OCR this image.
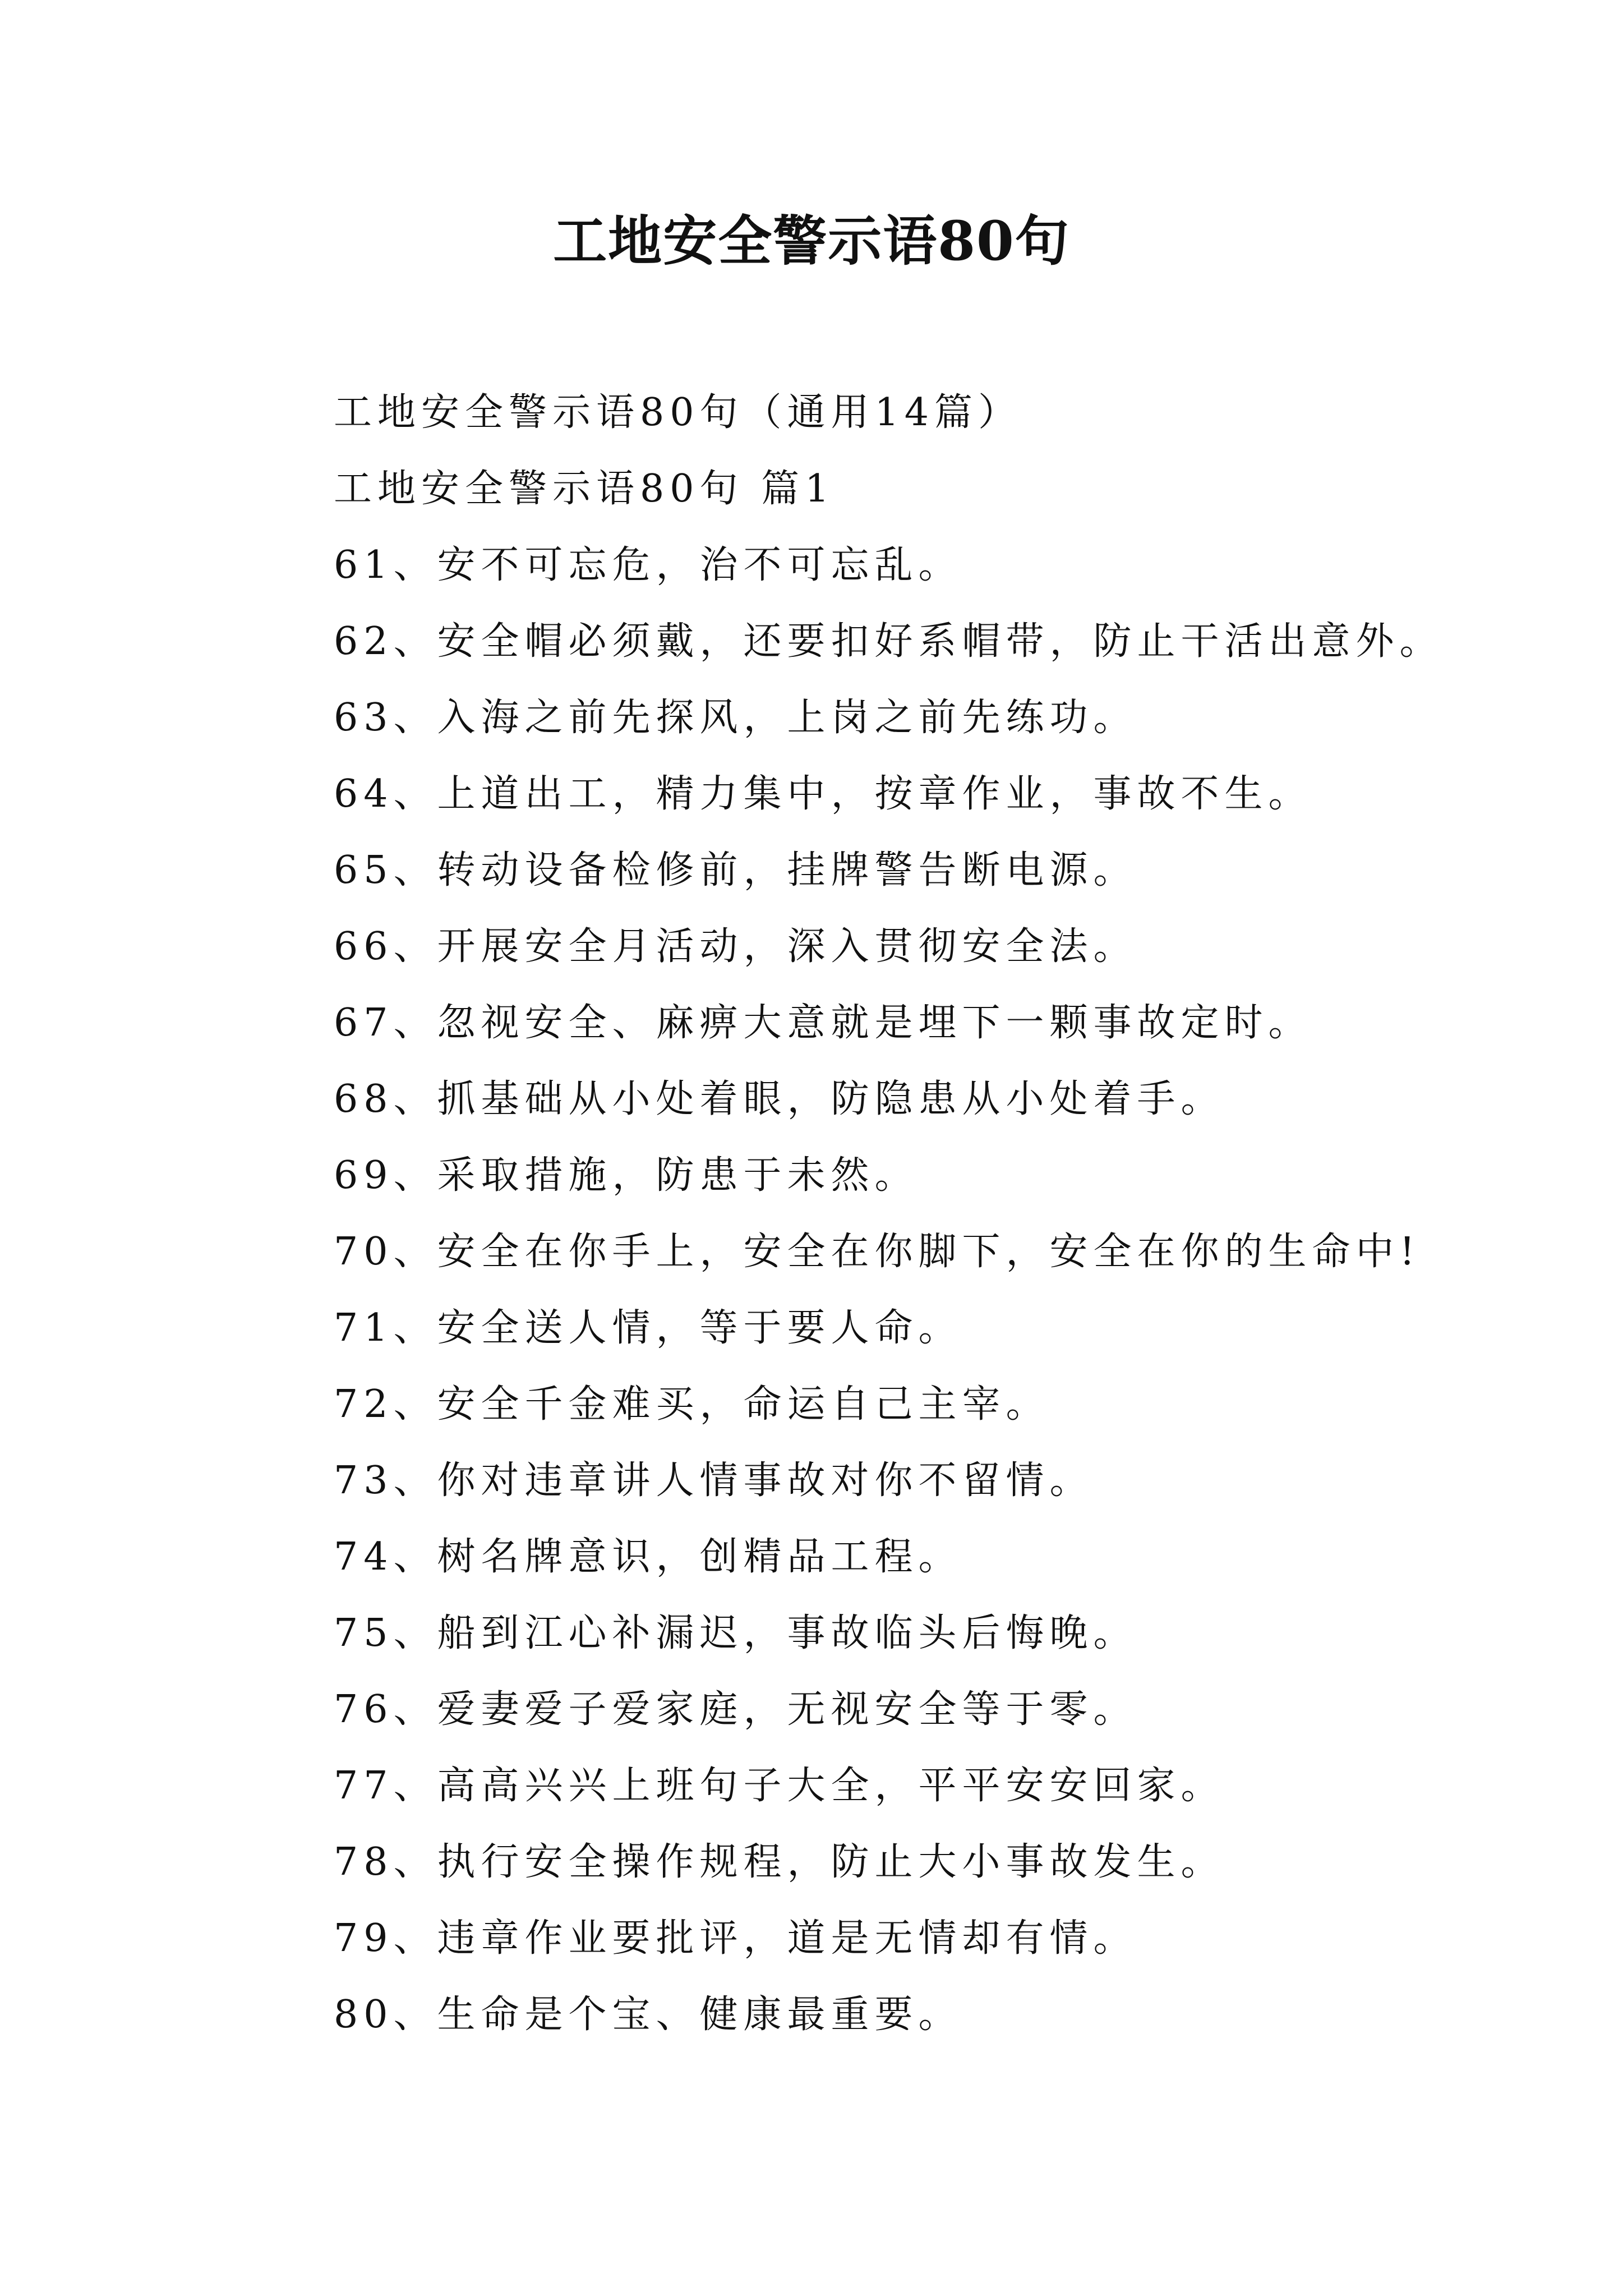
工地安全警示语80句
工地安全警示语80句（通用14篇）
工地安全警示语80句 篇1
61、安不可忘危，治不可忘乱。
62、安全帽必须戴，还要扣好系帽带，防止干活出意外。
63、入海之前先探风，上岗之前先练功。
64、上道出工，精力集中，按章作业，事故不生。
65、转动设备检修前，挂牌警告断电源。
66、开展安全月活动，深入贯彻安全法。
67、忽视安全、麻痹大意就是埋下一颗事故定时。
68、抓基础从小处着眼，防隐患从小处着手。
69、采取措施，防患于未然。
70、安全在你手上，安全在你脚下，安全在你的生命中!
71、安全送人情，等于要人命。
72、安全千金难买，命运自己主宰。
73、你对违章讲人情事故对你不留情。
74、树名牌意识，创精品工程。
75、船到江心补漏迟，事故临头后悔晚。
76、爱妻爱子爱家庭，无视安全等于零。
77、高高兴兴上班句子大全，平平安安回家。
78、执行安全操作规程，防止大小事故发生。
79、违章作业要批评，道是无情却有情。
80、生命是个宝、健康最重要。
